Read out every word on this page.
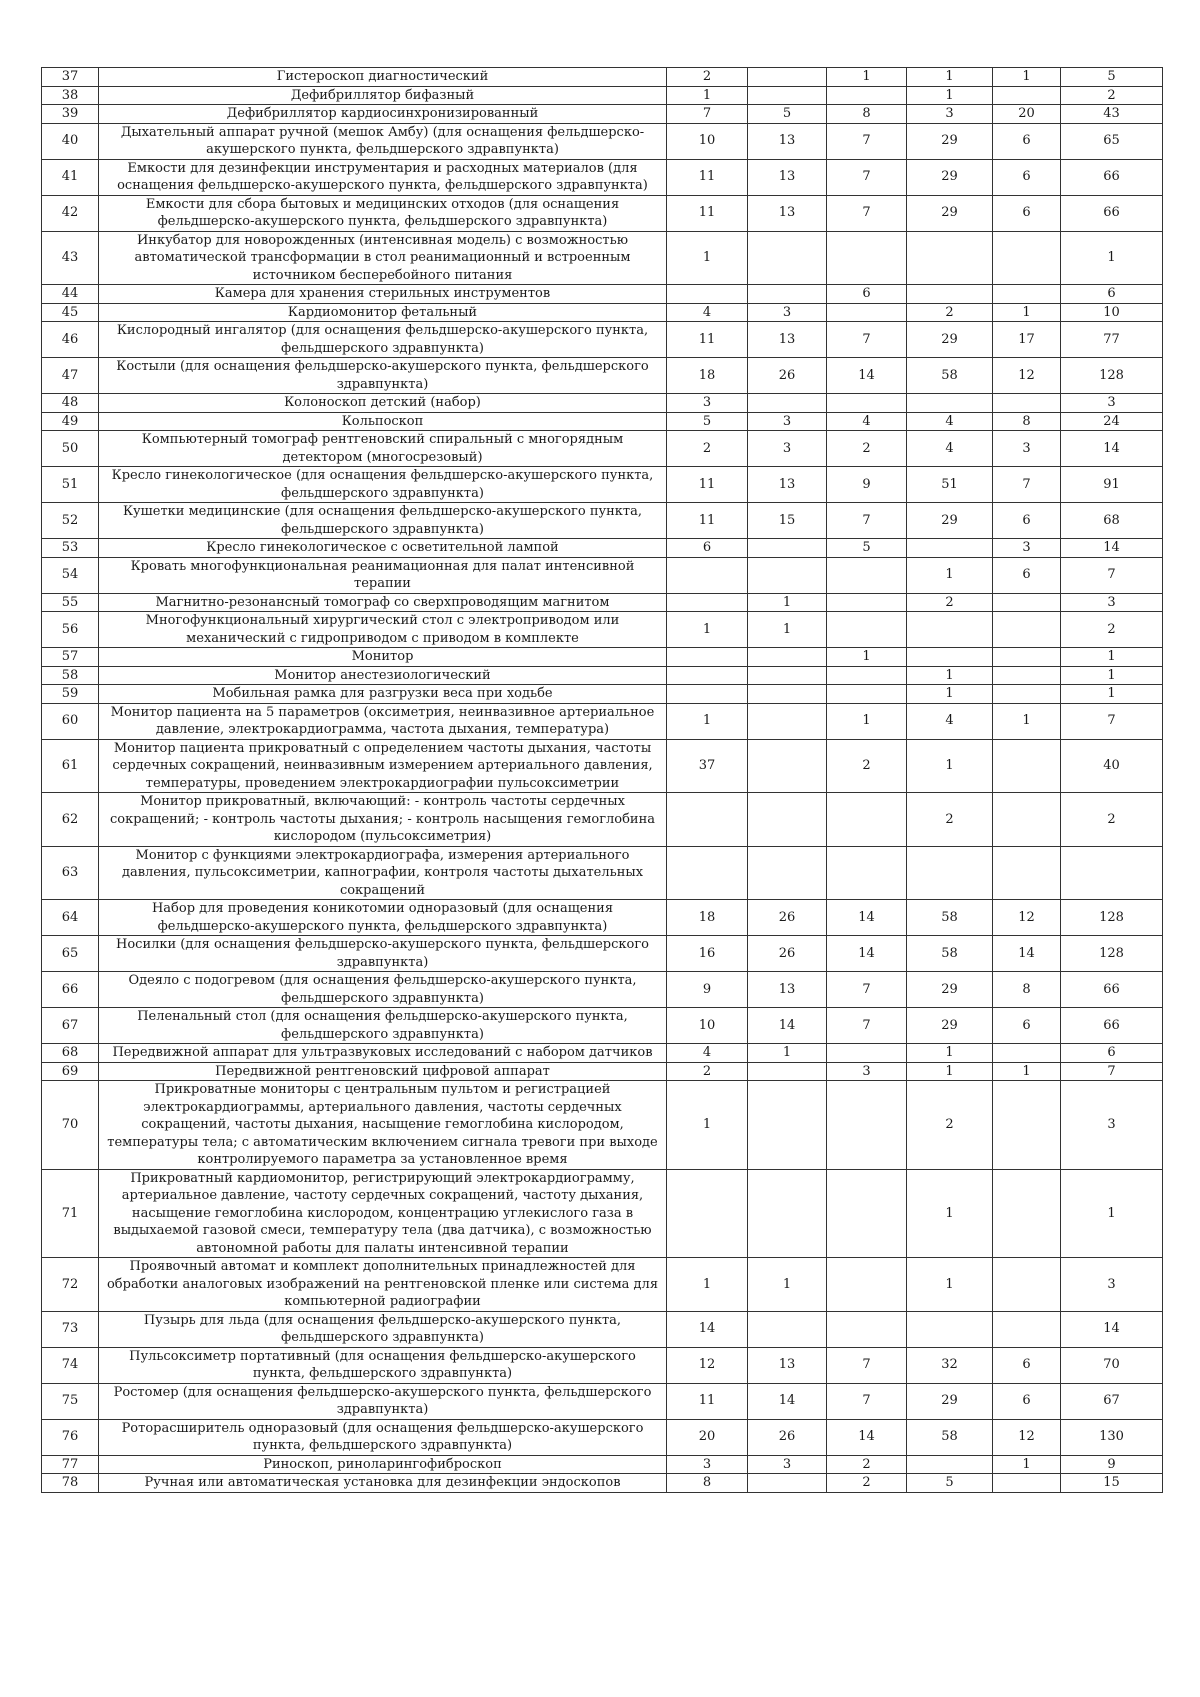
37	Гистероскоп диагностический	2		1	1	1	5
38	Дефибриллятор бифазный	1			1		2
39	Дефибриллятор кардиосинхронизированный	7	5	8	3	20	43
40	Дыхательный аппарат ручной (мешок Амбу) (для оснащения фельдшерско-акушерского пункта, фельдшерского здравпункта)	10	13	7	29	6	65
41	Емкости для дезинфекции инструментария и расходных материалов (для оснащения фельдшерско-акушерского пункта, фельдшерского здравпункта)	11	13	7	29	6	66
42	Емкости для сбора бытовых и медицинских отходов (для оснащения фельдшерско-акушерского пункта, фельдшерского здравпункта)	11	13	7	29	6	66
43	Инкубатор для новорожденных (интенсивная модель) с возможностью автоматической трансформации в стол реанимационный и встроенным источником бесперебойного питания	1					1
44	Камера для хранения стерильных инструментов			6			6
45	Кардиомонитор фетальный	4	3		2	1	10
46	Кислородный ингалятор (для оснащения фельдшерско-акушерского пункта, фельдшерского здравпункта)	11	13	7	29	17	77
47	Костыли (для оснащения фельдшерско-акушерского пункта, фельдшерского здравпункта)	18	26	14	58	12	128
48	Колоноскоп детский (набор)	3					3
49	Кольпоскоп	5	3	4	4	8	24
50	Компьютерный томограф рентгеновский спиральный с многорядным детектором (многосрезовый)	2	3	2	4	3	14
51	Кресло гинекологическое (для оснащения фельдшерско-акушерского пункта, фельдшерского здравпункта)	11	13	9	51	7	91
52	Кушетки медицинские (для оснащения фельдшерско-акушерского пункта, фельдшерского здравпункта)	11	15	7	29	6	68
53	Кресло гинекологическое с осветительной лампой	6		5		3	14
54	Кровать многофункциональная реанимационная для палат интенсивной терапии				1	6	7
55	Магнитно-резонансный томограф со сверхпроводящим магнитом		1		2		3
56	Многофункциональный хирургический стол с электроприводом или механический с гидроприводом с приводом в комплекте	1	1				2
57	Монитор			1			1
58	Монитор анестезиологический				1		1
59	Мобильная рамка для разгрузки веса при ходьбе				1		1
60	Монитор пациента на 5 параметров (оксиметрия, неинвазивное артериальное давление, электрокардиограмма, частота дыхания, температура)	1		1	4	1	7
61	Монитор пациента прикроватный с определением частоты дыхания, частоты сердечных сокращений, неинвазивным измерением артериального давления, температуры, проведением электрокардиографии пульсоксиметрии	37		2	1		40
62	Монитор прикроватный, включающий: - контроль частоты сердечных сокращений; - контроль частоты дыхания; - контроль насыщения гемоглобина кислородом (пульсоксиметрия)				2		2
63	Монитор с функциями электрокардиографа, измерения артериального давления, пульсоксиметрии, капнографии, контроля частоты дыхательных сокращений						
64	Набор для проведения коникотомии одноразовый (для оснащения фельдшерско-акушерского пункта, фельдшерского здравпункта)	18	26	14	58	12	128
65	Носилки (для оснащения фельдшерско-акушерского пункта, фельдшерского здравпункта)	16	26	14	58	14	128
66	Одеяло с подогревом (для оснащения фельдшерско-акушерского пункта, фельдшерского здравпункта)	9	13	7	29	8	66
67	Пеленальный стол (для оснащения фельдшерско-акушерского пункта, фельдшерского здравпункта)	10	14	7	29	6	66
68	Передвижной аппарат для ультразвуковых исследований с набором датчиков	4	1		1		6
69	Передвижной рентгеновский цифровой аппарат	2		3	1	1	7
70	Прикроватные мониторы с центральным пультом и регистрацией электрокардиограммы, артериального давления, частоты сердечных сокращений, частоты дыхания, насыщение гемоглобина кислородом, температуры тела; с автоматическим включением сигнала тревоги при выходе контролируемого параметра за установленное время	1			2		3
71	Прикроватный кардиомонитор, регистрирующий электрокардиограмму, артериальное давление, частоту сердечных сокращений, частоту дыхания, насыщение гемоглобина кислородом, концентрацию углекислого газа в выдыхаемой газовой смеси, температуру тела (два датчика), с возможностью автономной работы для палаты интенсивной терапии				1		1
72	Проявочный автомат и комплект дополнительных принадлежностей для обработки аналоговых изображений на рентгеновской пленке или система для компьютерной радиографии	1	1		1		3
73	Пузырь для льда (для оснащения фельдшерско-акушерского пункта, фельдшерского здравпункта)	14					14
74	Пульсоксиметр портативный (для оснащения фельдшерско-акушерского пункта, фельдшерского здравпункта)	12	13	7	32	6	70
75	Ростомер (для оснащения фельдшерско-акушерского пункта, фельдшерского здравпункта)	11	14	7	29	6	67
76	Роторасширитель одноразовый (для оснащения фельдшерско-акушерского пункта, фельдшерского здравпункта)	20	26	14	58	12	130
77	Риноскоп, риноларингофиброскоп	3	3	2		1	9
78	Ручная или автоматическая установка для дезинфекции эндоскопов	8		2	5		15
